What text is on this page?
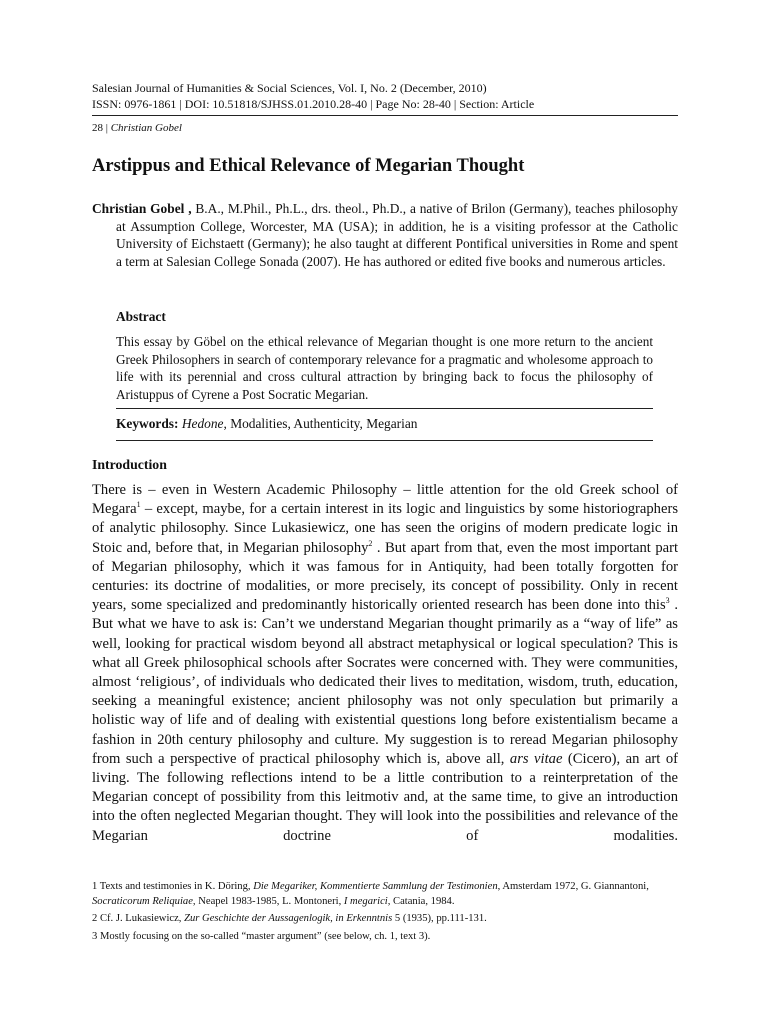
Salesian Journal of Humanities & Social Sciences, Vol. I, No. 2 (December, 2010)
ISSN: 0976-1861 | DOI: 10.51818/SJHSS.01.2010.28-40 | Page No: 28-40 | Section: Article
28 | Christian Gobel
Arstippus and Ethical Relevance of Megarian Thought
Christian Gobel , B.A., M.Phil., Ph.L., drs. theol., Ph.D., a native of Brilon (Germany), teaches philosophy at Assumption College, Worcester, MA (USA); in addition, he is a visiting professor at the Catholic University of Eichstaett (Germany); he also taught at different Pontifical universities in Rome and spent a term at Salesian College Sonada (2007). He has authored or edited five books and numerous articles.
Abstract
This essay by Göbel on the ethical relevance of Megarian thought is one more return to the ancient Greek Philosophers in search of contemporary relevance for a pragmatic and wholesome approach to life with its perennial and cross cultural attraction by bringing back to focus the philosophy of Aristuppus of Cyrene a Post Socratic Megarian.
Keywords: Hedone, Modalities, Authenticity, Megarian
Introduction
There is – even in Western Academic Philosophy – little attention for the old Greek school of Megara$^1$ – except, maybe, for a certain interest in its logic and linguistics by some historiographers of analytic philosophy. Since Lukasiewicz, one has seen the origins of modern predicate logic in Stoic and, before that, in Megarian philosophy$^2$ . But apart from that, even the most important part of Megarian philosophy, which it was famous for in Antiquity, had been totally forgotten for centuries: its doctrine of modalities, or more precisely, its concept of possibility. Only in recent years, some specialized and predominantly historically oriented research has been done into this$^3$ . But what we have to ask is: Can’t we understand Megarian thought primarily as a “way of life” as well, looking for practical wisdom beyond all abstract metaphysical or logical speculation? This is what all Greek philosophical schools after Socrates were concerned with. They were communities, almost ‘religious’, of individuals who dedicated their lives to meditation, wisdom, truth, education, seeking a meaningful existence; ancient philosophy was not only speculation but primarily a holistic way of life and of dealing with existential questions long before existentialism became a fashion in 20th century philosophy and culture. My suggestion is to reread Megarian philosophy from such a perspective of practical philosophy which is, above all, ars vitae (Cicero), an art of living. The following reflections intend to be a little contribution to a reinterpretation of the Megarian concept of possibility from this leitmotiv and, at the same time, to give an introduction into the often neglected Megarian thought. They will look into the possibilities and relevance of the Megarian doctrine of modalities.
1 Texts and testimonies in K. Döring, Die Megariker, Kommentierte Sammlung der Testimonien, Amsterdam 1972, G. Giannantoni, Socraticorum Reliquiae, Neapel 1983-1985, L. Montoneri, I megarici, Catania, 1984.
2 Cf. J. Lukasiewicz, Zur Geschichte der Aussagenlogik, in Erkenntnis 5 (1935), pp.111-131.
3 Mostly focusing on the so-called “master argument” (see below, ch. 1, text 3).
